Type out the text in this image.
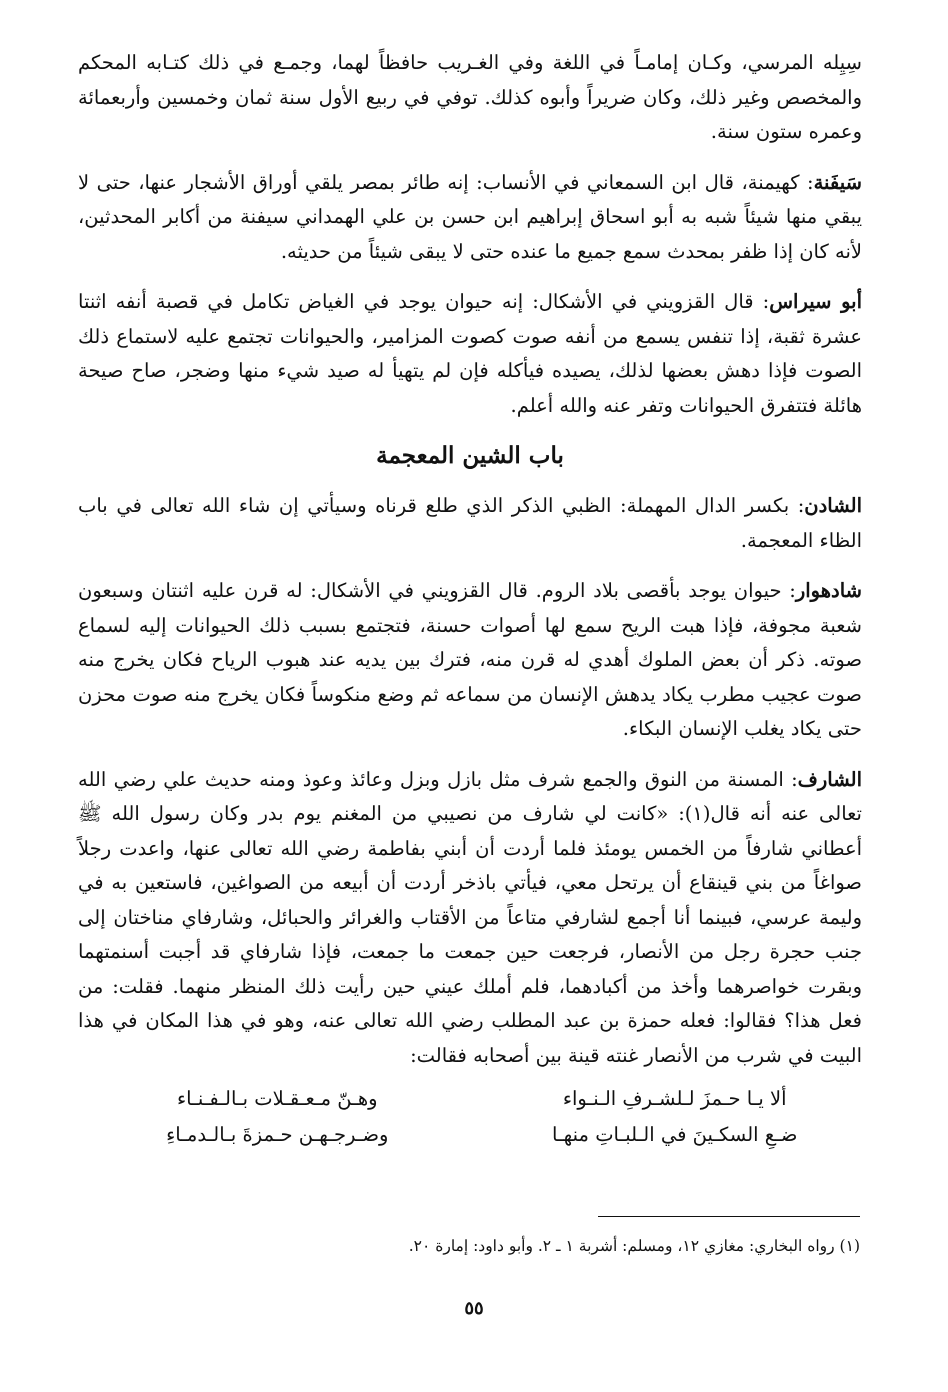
سِيِله المرسي، وكـان إمامـاً في اللغة وفي الغـريب حافظاً لهما، وجمـع في ذلك كتـابه المحكم والمخصص وغير ذلك، وكان ضريراً وأبوه كذلك. توفي في ربيع الأول سنة ثمان وخمسين وأربعمائة وعمره ستون سنة.

سَيفَنة: كهيمنة، قال ابن السمعاني في الأنساب: إنه طائر بمصر يلقي أوراق الأشجار عنها، حتى لا يبقي منها شيئاً شبه به أبو اسحاق إبراهيم ابن حسن بن علي الهمداني سيفنة من أكابر المحدثين، لأنه كان إذا ظفر بمحدث سمع جميع ما عنده حتى لا يبقى شيئاً من حديثه.

أبو سيراس: قال القزويني في الأشكال: إنه حيوان يوجد في الغياض تكامل في قصبة أنفه اثنتا عشرة ثقبة، إذا تنفس يسمع من أنفه صوت كصوت المزامير، والحيوانات تجتمع عليه لاستماع ذلك الصوت فإذا دهش بعضها لذلك، يصيده فيأكله فإن لم يتهيأ له صيد شيء منها وضجر، صاح صيحة هائلة فتتفرق الحيوانات وتفر عنه والله أعلم.

باب الشين المعجمة

الشادن: بكسر الدال المهملة: الظبي الذكر الذي طلع قرناه وسيأتي إن شاء الله تعالى في باب الظاء المعجمة.

شادهوار: حيوان يوجد بأقصى بلاد الروم. قال القزويني في الأشكال: له قرن عليه اثنتان وسبعون شعبة مجوفة، فإذا هبت الريح سمع لها أصوات حسنة، فتجتمع بسبب ذلك الحيوانات إليه لسماع صوته. ذكر أن بعض الملوك أهدي له قرن منه، فترك بين يديه عند هبوب الرياح فكان يخرج منه صوت عجيب مطرب يكاد يدهش الإنسان من سماعه ثم وضع منكوساً فكان يخرج منه صوت محزن حتى يكاد يغلب الإنسان البكاء.

الشارف: المسنة من النوق والجمع شرف مثل بازل وبزل وعائذ وعوذ ومنه حديث علي رضي الله تعالى عنه أنه قال(١): «كانت لي شارف من نصيبي من المغنم يوم بدر وكان رسول الله ﷺ أعطاني شارفاً من الخمس يومئذ فلما أردت أن أبني بفاطمة رضي الله تعالى عنها، واعدت رجلاً صواغاً من بني قينقاع أن يرتحل معي، فيأتي باذخر أردت أن أبيعه من الصواغين، فاستعين به في وليمة عرسي، فبينما أنا أجمع لشارفي متاعاً من الأقتاب والغرائر والحبائل، وشارفاي مناختان إلى جنب حجرة رجل من الأنصار، فرجعت حين جمعت ما جمعت، فإذا شارفاي قد أجبت أسنمتهما وبقرت خواصرهما وأخذ من أكبادهما، فلم أملك عيني حين رأيت ذلك المنظر منهما. فقلت: من فعل هذا؟ فقالوا: فعله حمزة بن عبد المطلب رضي الله تعالى عنه، وهو في هذا المكان في هذا البيت في شرب من الأنصار غنته قينة بين أصحابه فقالت:

ألا يـا حـمزَ لـلشـرفِ الـنـواء
وهـنّ مـعـقـلات بـالـفـنـاء
ضـعِ السكـينَ في الـلبـاتِ منهـا
وضـرجـهـن حـمزةَ بـالـدمـاءِ
(١) رواه البخاري: مغازي ١٢، ومسلم: أشربة ١ ـ ٢. وأبو داود: إمارة ٢٠.
٥٥
